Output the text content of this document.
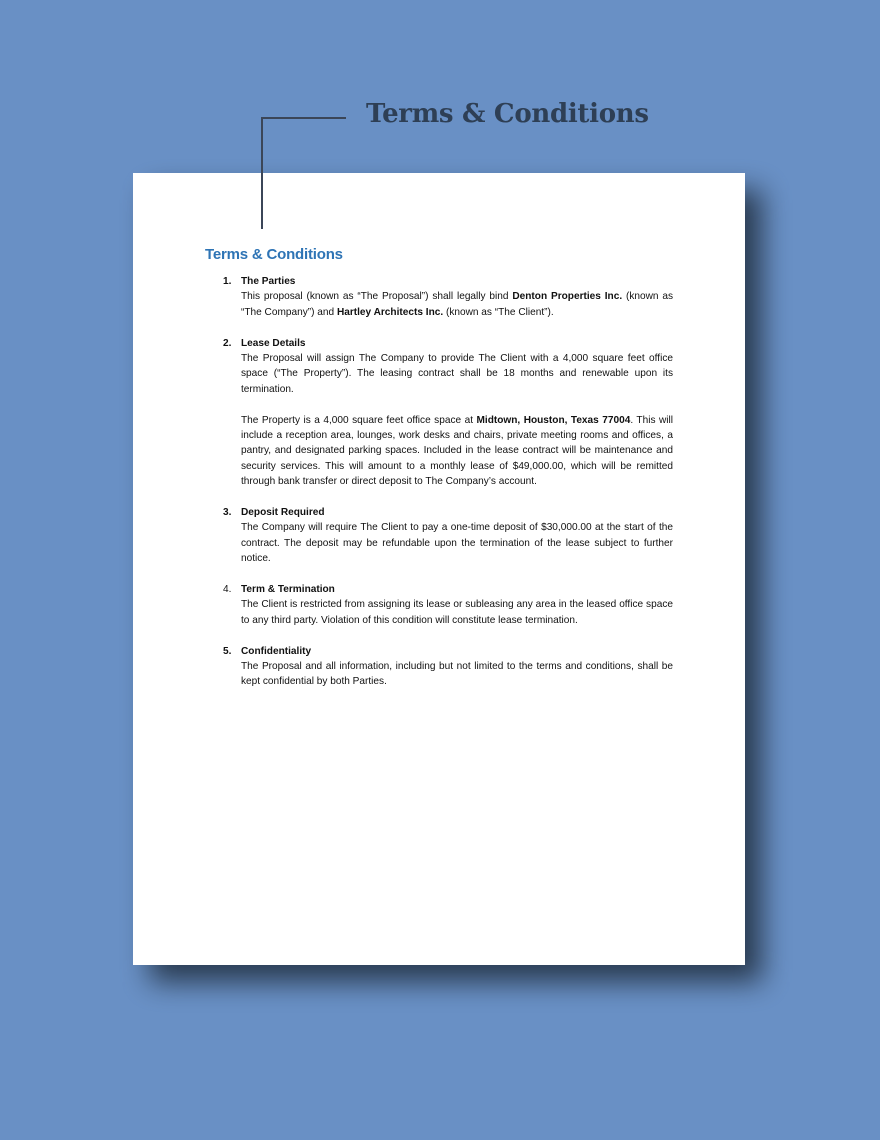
Terms & Conditions
Terms & Conditions
1. The Parties

This proposal (known as “The Proposal”) shall legally bind Denton Properties Inc. (known as “The Company”) and Hartley Architects Inc. (known as “The Client”).

2. Lease Details

The Proposal will assign The Company to provide The Client with a 4,000 square feet office space (“The Property”). The leasing contract shall be 18 months and renewable upon its termination.

The Property is a 4,000 square feet office space at Midtown, Houston, Texas 77004. This will include a reception area, lounges, work desks and chairs, private meeting rooms and offices, a pantry, and designated parking spaces. Included in the lease contract will be maintenance and security services. This will amount to a monthly lease of $49,000.00, which will be remitted through bank transfer or direct deposit to The Company’s account.

3. Deposit Required

The Company will require The Client to pay a one-time deposit of $30,000.00 at the start of the contract. The deposit may be refundable upon the termination of the lease subject to further notice.

4. Term & Termination

The Client is restricted from assigning its lease or subleasing any area in the leased office space to any third party. Violation of this condition will constitute lease termination.

5. Confidentiality

The Proposal and all information, including but not limited to the terms and conditions, shall be kept confidential by both Parties.
